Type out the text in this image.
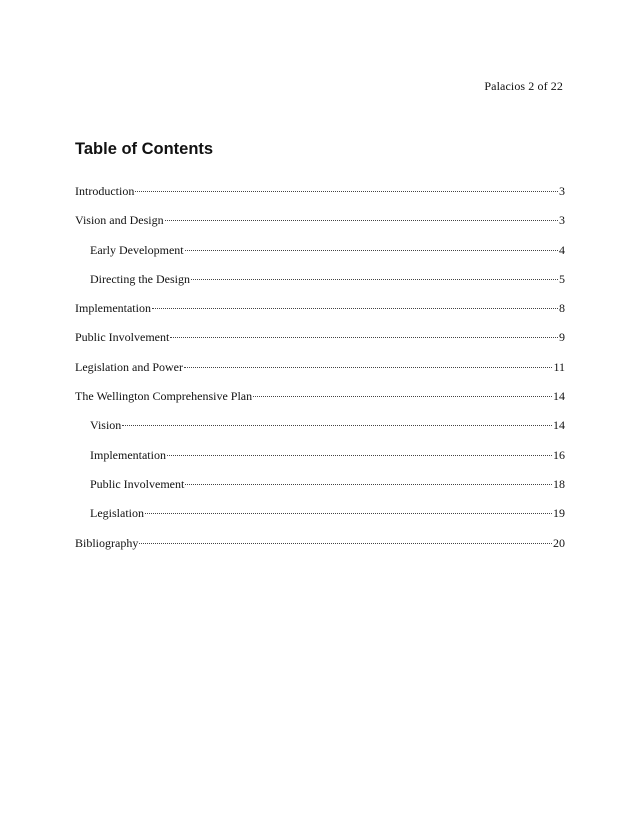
Palacios 2 of 22
Table of Contents
Introduction	3
Vision and Design	3
Early Development	4
Directing the Design	5
Implementation	8
Public Involvement	9
Legislation and Power	11
The Wellington Comprehensive Plan	14
Vision	14
Implementation	16
Public Involvement	18
Legislation	19
Bibliography	20
